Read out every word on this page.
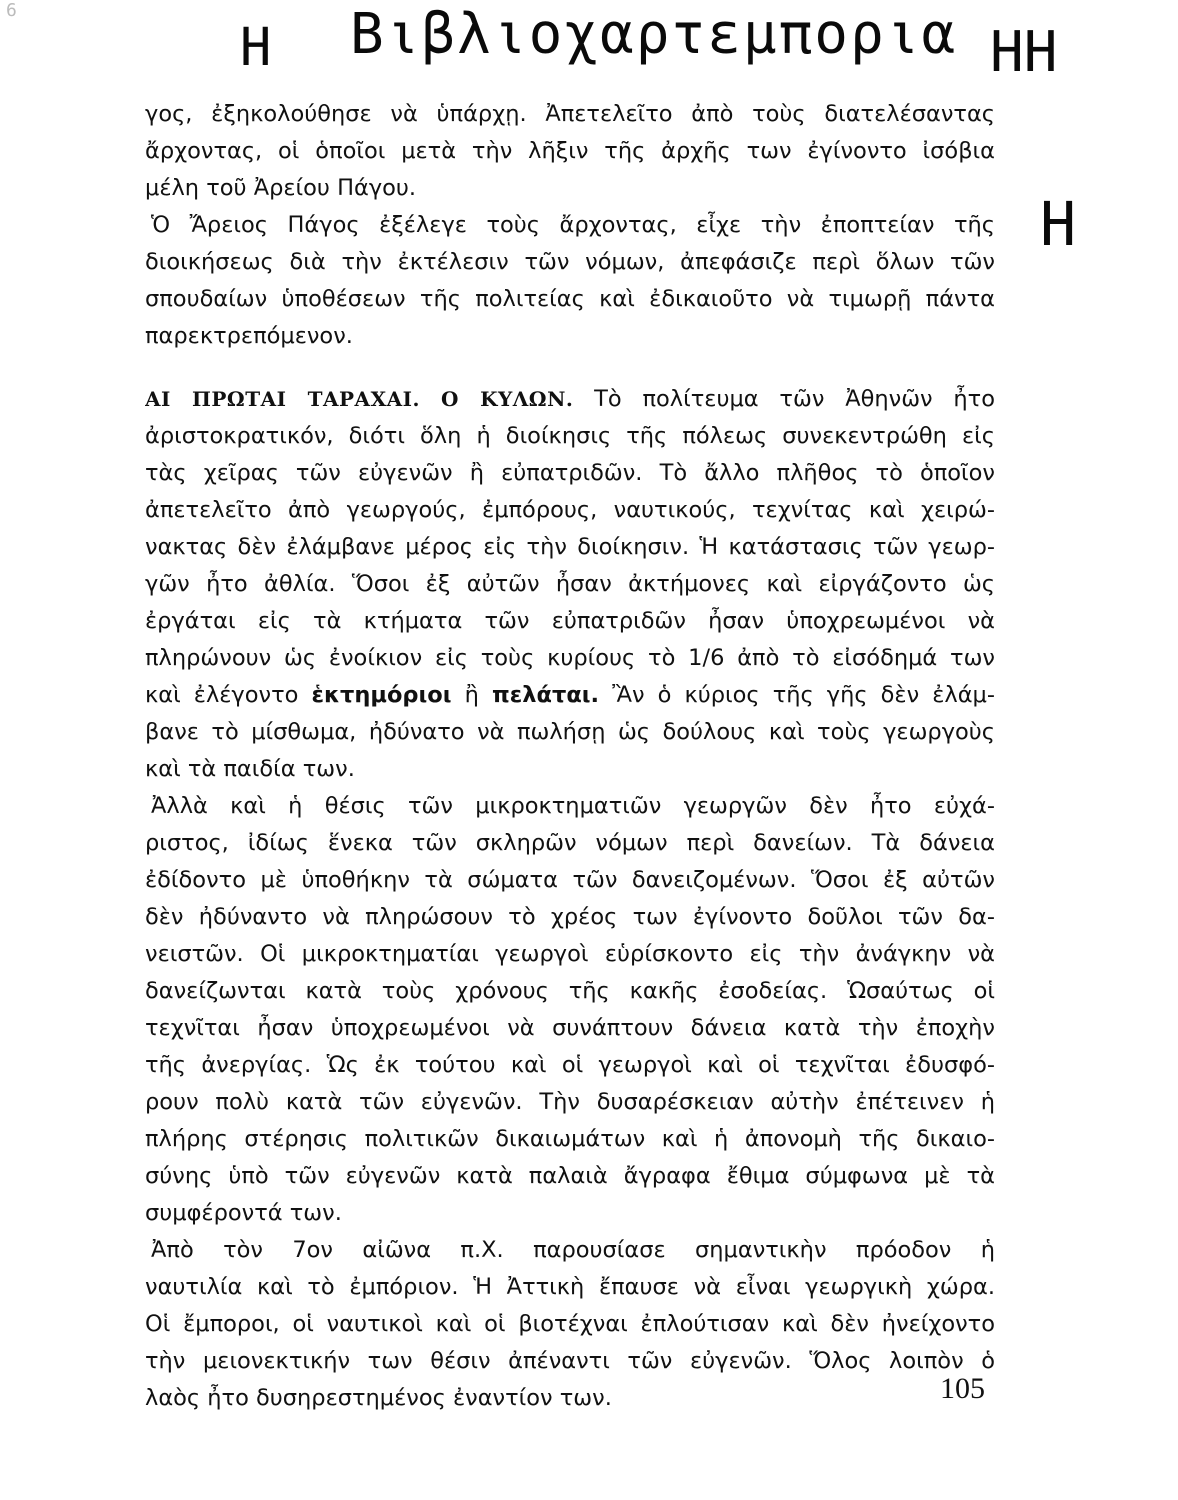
6
Η Βιβλιοχαρτεμπορια ΗΗ
Η
γος, ἐξηκολούθησε νὰ ὑπάρχῃ. Ἀπετελεῖτο ἀπὸ τοὺς διατελέσαντας
ἄρχοντας, οἱ ὁποῖοι μετὰ τὴν λῆξιν τῆς ἀρχῆς των ἐγίνοντο ἰσόβια
μέλη τοῦ Ἀρείου Πάγου.
Ὁ Ἄρειος Πάγος ἐξέλεγε τοὺς ἄρχοντας, εἶχε τὴν ἐποπτείαν τῆς
διοικήσεως διὰ τὴν ἐκτέλεσιν τῶν νόμων, ἀπεφάσιζε περὶ ὅλων τῶν
σπουδαίων ὑποθέσεων τῆς πολιτείας καὶ ἐδικαιοῦτο νὰ τιμωρῇ πάντα
παρεκτρεπόμενον.
ΑΙ ΠΡΩΤΑΙ ΤΑΡΑΧΑΙ. Ο ΚΥΛΩΝ. Τὸ πολίτευμα τῶν Ἀθηνῶν ἦτο
ἀριστοκρατικόν, διότι ὅλη ἡ διοίκησις τῆς πόλεως συνεκεντρώθη εἰς
τὰς χεῖρας τῶν εὐγενῶν ἢ εὐπατριδῶν. Τὸ ἄλλο πλῆθος τὸ ὁποῖον
ἀπετελεῖτο ἀπὸ γεωργούς, ἐμπόρους, ναυτικούς, τεχνίτας καὶ χειρώ-
νακτας δὲν ἐλάμβανε μέρος εἰς τὴν διοίκησιν. Ἡ κατάστασις τῶν γεωρ-
γῶν ἦτο ἀθλία. Ὅσοι ἐξ αὐτῶν ἦσαν ἀκτήμονες καὶ εἰργάζοντο ὡς
ἐργάται εἰς τὰ κτήματα τῶν εὐπατριδῶν ἦσαν ὑποχρεωμένοι νὰ
πληρώνουν ὡς ἐνοίκιον εἰς τοὺς κυρίους τὸ 1/6 ἀπὸ τὸ εἰσόδημά των
καὶ ἐλέγοντο ἑκτημόριοι ἢ πελάται. Ἂν ὁ κύριος τῆς γῆς δὲν ἐλάμ-
βανε τὸ μίσθωμα, ἠδύνατο νὰ πωλήσῃ ὡς δούλους καὶ τοὺς γεωργοὺς
καὶ τὰ παιδία των.
Ἀλλὰ καὶ ἡ θέσις τῶν μικροκτηματιῶν γεωργῶν δὲν ἦτο εὐχά-
ριστος, ἰδίως ἕνεκα τῶν σκληρῶν νόμων περὶ δανείων. Τὰ δάνεια
ἐδίδοντο μὲ ὑποθήκην τὰ σώματα τῶν δανειζομένων. Ὅσοι ἐξ αὐτῶν
δὲν ἠδύναντο νὰ πληρώσουν τὸ χρέος των ἐγίνοντο δοῦλοι τῶν δα-
νειστῶν. Οἱ μικροκτηματίαι γεωργοὶ εὑρίσκοντο εἰς τὴν ἀνάγκην νὰ
δανείζωνται κατὰ τοὺς χρόνους τῆς κακῆς ἐσοδείας. Ὡσαύτως οἱ
τεχνῖται ἦσαν ὑποχρεωμένοι νὰ συνάπτουν δάνεια κατὰ τὴν ἐποχὴν
τῆς ἀνεργίας. Ὡς ἐκ τούτου καὶ οἱ γεωργοὶ καὶ οἱ τεχνῖται ἐδυσφό-
ρουν πολὺ κατὰ τῶν εὐγενῶν. Τὴν δυσαρέσκειαν αὐτὴν ἐπέτεινεν ἡ
πλήρης στέρησις πολιτικῶν δικαιωμάτων καὶ ἡ ἀπονομὴ τῆς δικαιο-
σύνης ὑπὸ τῶν εὐγενῶν κατὰ παλαιὰ ἄγραφα ἔθιμα σύμφωνα μὲ τὰ
συμφέροντά των.
Ἀπὸ τὸν 7ον αἰῶνα π.Χ. παρουσίασε σημαντικὴν πρόοδον ἡ
ναυτιλία καὶ τὸ ἐμπόριον. Ἡ Ἀττικὴ ἔπαυσε νὰ εἶναι γεωργικὴ χώρα.
Οἱ ἔμποροι, οἱ ναυτικοὶ καὶ οἱ βιοτέχναι ἐπλούτισαν καὶ δὲν ἠνείχοντο
τὴν μειονεκτικήν των θέσιν ἀπέναντι τῶν εὐγενῶν. Ὅλος λοιπὸν ὁ
λαὸς ἦτο δυσηρεστημένος ἐναντίον των.	105
